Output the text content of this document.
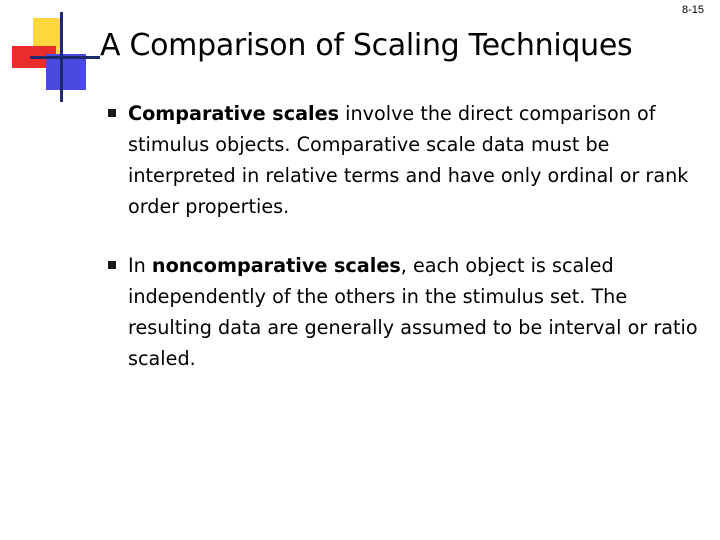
8-15
A Comparison of Scaling Techniques
Comparative scales involve the direct comparison of stimulus objects. Comparative scale data must be interpreted in relative terms and have only ordinal or rank order properties.
In noncomparative scales, each object is scaled independently of the others in the stimulus set. The resulting data are generally assumed to be interval or ratio scaled.
